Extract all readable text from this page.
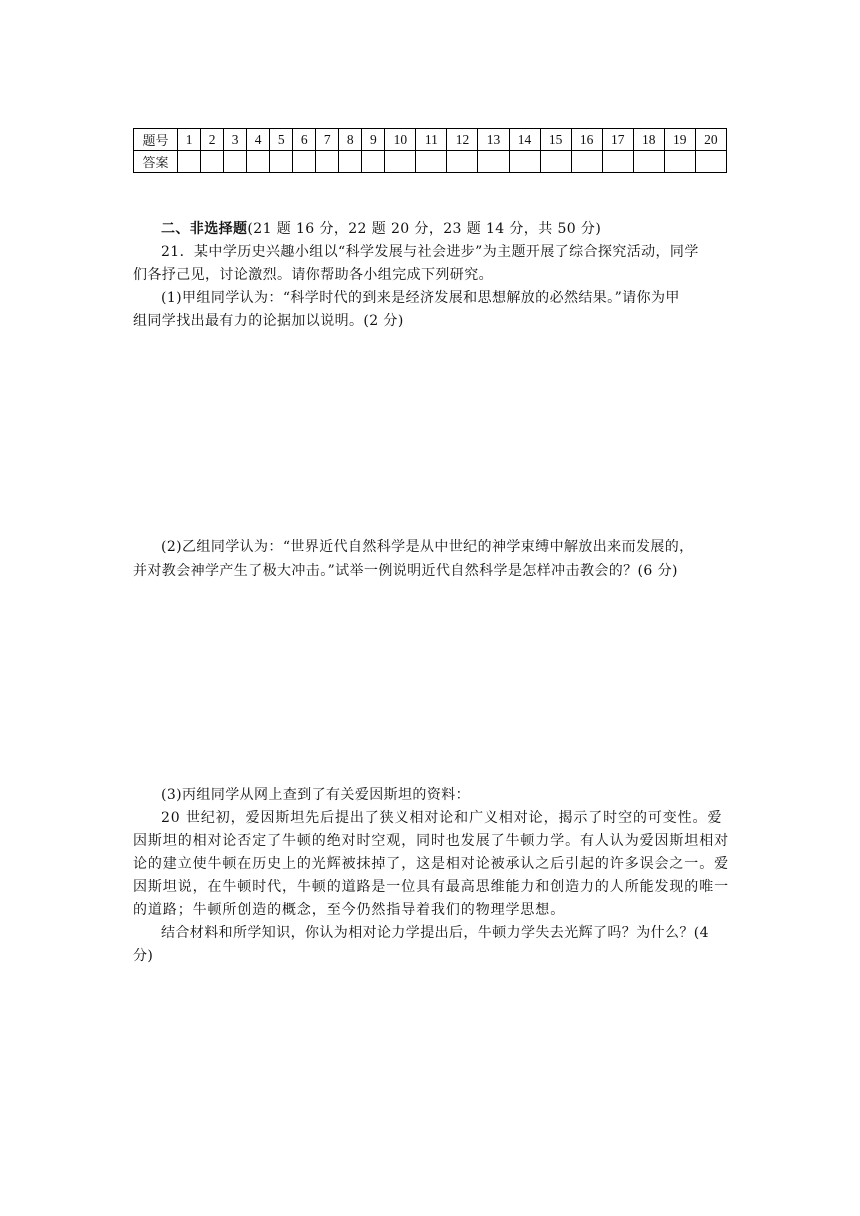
题号	1	2	3	4	5	6	7	8	9	10	11	12	13	14	15	16	17	18	19	20
答案																				
二、非选择题(21 题 16 分，22 题 20 分，23 题 14 分，共 50 分)
21．某中学历史兴趣小组以“科学发展与社会进步”为主题开展了综合探究活动，同学
们各抒己见，讨论激烈。请你帮助各小组完成下列研究。
(1)甲组同学认为：“科学时代的到来是经济发展和思想解放的必然结果。”请你为甲
组同学找出最有力的论据加以说明。(2 分)
(2)乙组同学认为：“世界近代自然科学是从中世纪的神学束缚中解放出来而发展的，
并对教会神学产生了极大冲击。”试举一例说明近代自然科学是怎样冲击教会的？(6 分)
(3)丙组同学从网上查到了有关爱因斯坦的资料：
20 世纪初，爱因斯坦先后提出了狭义相对论和广义相对论，揭示了时空的可变性。爱
因斯坦的相对论否定了牛顿的绝对时空观，同时也发展了牛顿力学。有人认为爱因斯坦相对
论的建立使牛顿在历史上的光辉被抹掉了，这是相对论被承认之后引起的许多误会之一。爱
因斯坦说，在牛顿时代，牛顿的道路是一位具有最高思维能力和创造力的人所能发现的唯一
的道路；牛顿所创造的概念，至今仍然指导着我们的物理学思想。
结合材料和所学知识，你认为相对论力学提出后，牛顿力学失去光辉了吗？为什么？(4
分)
